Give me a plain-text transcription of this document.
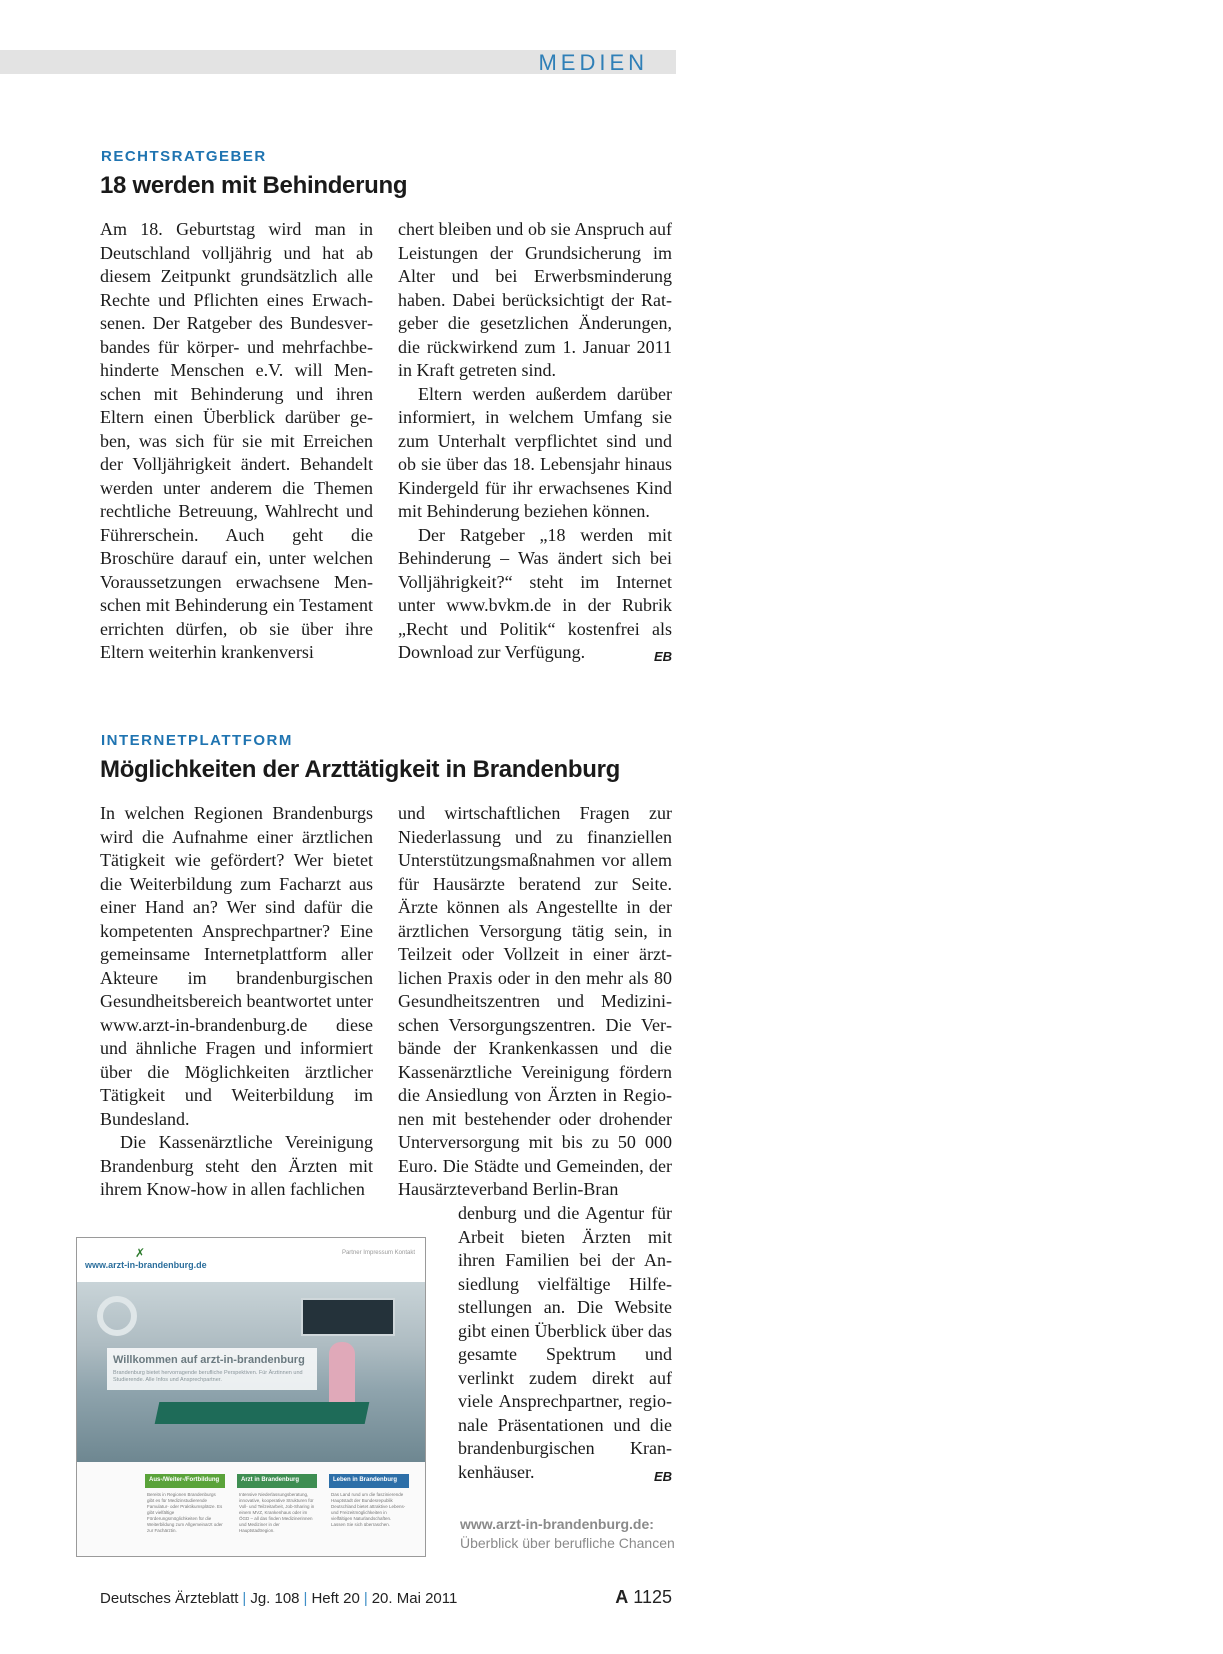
MEDIEN
RECHTSRATGEBER
18 werden mit Behinderung

Am 18. Geburtstag wird man in Deutschland volljährig und hat ab diesem Zeitpunkt grundsätzlich alle Rechte und Pflichten eines Erwachsenen. Der Ratgeber des Bundesverbandes für körper- und mehrfachbehinderte Menschen e.V. will Menschen mit Behinderung und ihren Eltern einen Überblick darüber geben, was sich für sie mit Erreichen der Volljährigkeit ändert. Behandelt werden unter anderem die Themen rechtliche Betreuung, Wahlrecht und Führerschein. Auch geht die Broschüre darauf ein, unter welchen Voraussetzungen erwachsene Menschen mit Behinderung ein Testament errichten dürfen, ob sie über ihre Eltern weiterhin krankenversi

chert bleiben und ob sie Anspruch auf Leistungen der Grundsicherung im Alter und bei Erwerbsminderung haben. Dabei berücksichtigt der Ratgeber die gesetzlichen Änderungen, die rückwirkend zum 1. Januar 2011 in Kraft getreten sind.

Eltern werden außerdem darüber informiert, in welchem Umfang sie zum Unterhalt verpflichtet sind und ob sie über das 18. Lebensjahr hinaus Kindergeld für ihr erwachsenes Kind mit Behinderung beziehen können.

Der Ratgeber „18 werden mit Behinderung – Was ändert sich bei Volljährigkeit?“ steht im Internet unter www.bvkm.de in der Rubrik „Recht und Politik“ kostenfrei als Download zur Verfügung.	EB

INTERNETPLATTFORM
Möglichkeiten der Arzttätigkeit in Brandenburg

In welchen Regionen Brandenburgs wird die Aufnahme einer ärztlichen Tätigkeit wie gefördert? Wer bietet die Weiterbildung zum Facharzt aus einer Hand an? Wer sind dafür die kompetenten Ansprechpartner? Eine gemeinsame Internetplattform aller Akteure im brandenburgischen Gesundheitsbereich beantwortet unter www.arzt-in-brandenburg.de diese und ähnliche Fragen und informiert über die Möglichkeiten ärztlicher Tätigkeit und Weiterbildung im Bundesland.

Die Kassenärztliche Vereinigung Brandenburg steht den Ärzten mit ihrem Know-how in allen fachlichen

und wirtschaftlichen Fragen zur Niederlassung und zu finanziellen Unterstützungsmaßnahmen vor allem für Hausärzte beratend zur Seite. Ärzte können als Angestellte in der ärztlichen Versorgung tätig sein, in Teilzeit oder Vollzeit in einer ärztlichen Praxis oder in den mehr als 80 Gesundheitszentren und Medizinischen Versorgungszentren. Die Verbände der Krankenkassen und die Kassenärztliche Vereinigung fördern die Ansiedlung von Ärzten in Regionen mit bestehender oder drohender Unterversorgung mit bis zu 50 000 Euro. Die Städte und Gemeinden, der Hausärzteverband Berlin-Bran

denburg und die Agentur für Arbeit bieten Ärzten mit ihren Familien bei der Ansiedlung vielfältige Hilfestellungen an. Die Website gibt einen Überblick über das gesamte Spektrum und verlinkt zudem direkt auf viele Ansprechpartner, regionale Präsentationen und die brandenburgischen Krankenhäuser.	EB

✗
www.arzt-in-brandenburg.de
Partner Impressum Kontakt
Willkommen auf arzt-in-brandenburg
Brandenburg bietet hervorragende berufliche Perspektiven. Für Ärztinnen und Studierende. Alle Infos und Ansprechpartner.
Aus-/Weiter-/Fortbildung
Bereits in Regionen Brandenburgs gibt es für Medizinstudierende Famulatur- oder Praktikumsplätze. Es gibt vielfältige Förderungsmöglichkeiten für die Weiterbildung zum Allgemeinarzt oder zur Fachärztin.
Arzt in Brandenburg
Intensive Niederlassungsberatung, innovative, kooperative Strukturen für Voll- und Teilzeitarbeit, Job-Sharing in einem MVZ, Krankenhaus oder im ÖGD – all das finden Medizinerinnen und Mediziner in der Hauptstadtregion.
Leben in Brandenburg
Das Land rund um die faszinierende Hauptstadt der Bundesrepublik Deutschland bietet attraktive Lebens- und Freizeitmöglichkeiten in vielfältigen Naturlandschaften. Lassen Sie sich überraschen.	www.arzt-in-brandenburg.de:
Überblick über berufliche Chancen
Deutsches Ärzteblatt | Jg. 108 | Heft 20 | 20. Mai 2011	A 1125
